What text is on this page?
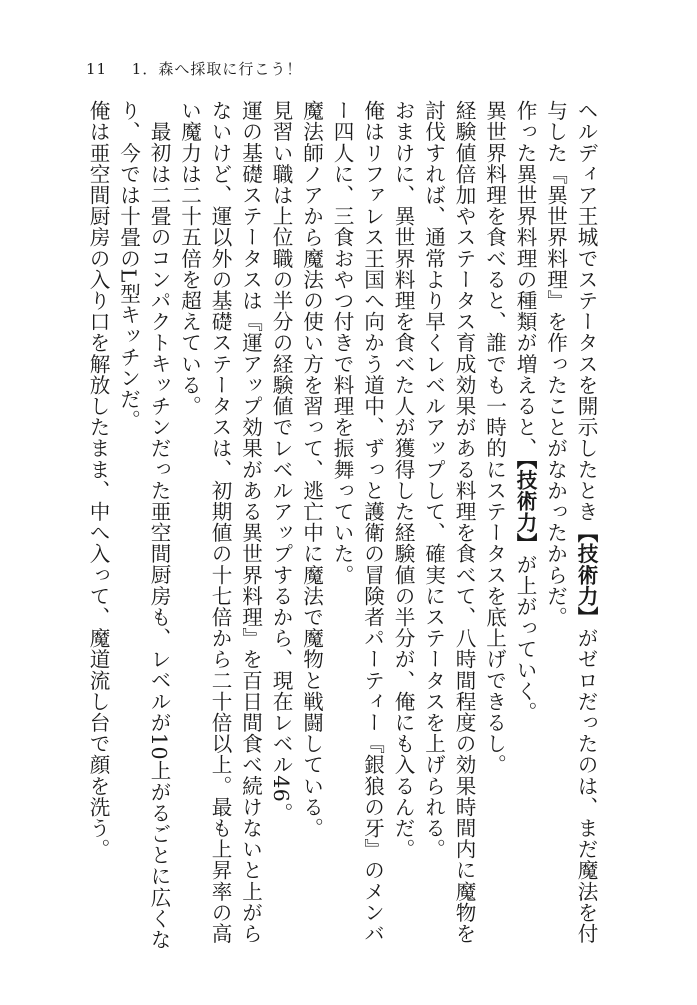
11 1．森へ採取に行こう！

ヘルディア王城でステータスを開示したとき【技術力】がゼロだったのは、まだ魔法を付与した『異世界料理』を作ったことがなかったからだ。

作った異世界料理の種類が増えると、【技術力】が上がっていく。

異世界料理を食べると、誰でも一時的にステータスを底上げできるし。

経験値倍加やステータス育成効果がある料理を食べて、八時間程度の効果時間内に魔物を討伐すれば、通常より早くレベルアップして、確実にステータスを上げられる。

おまけに、異世界料理を食べた人が獲得した経験値の半分が、俺にも入るんだ。

俺はリファレス王国へ向かう道中、ずっと護衛の冒険者パーティー『銀狼の牙』のメンバー四人に、三食おやつ付きで料理を振舞っていた。

魔法師ノアから魔法の使い方を習って、逃亡中に魔法で魔物と戦闘している。

見習い職は上位職の半分の経験値でレベルアップするから、現在レベル46。

運の基礎ステータスは『運アップ効果がある異世界料理』を百日間食べ続けないと上がらないけど、運以外の基礎ステータスは、初期値の十七倍から二十倍以上。最も上昇率の高い魔力は二十五倍を超えている。

最初は二畳のコンパクトキッチンだった亜空間厨房も、レベルが10上がるごとに広くなり、今では十畳のL型キッチンだ。

俺は亜空間厨房の入り口を解放したまま、中へ入って、魔道流し台で顔を洗う。
